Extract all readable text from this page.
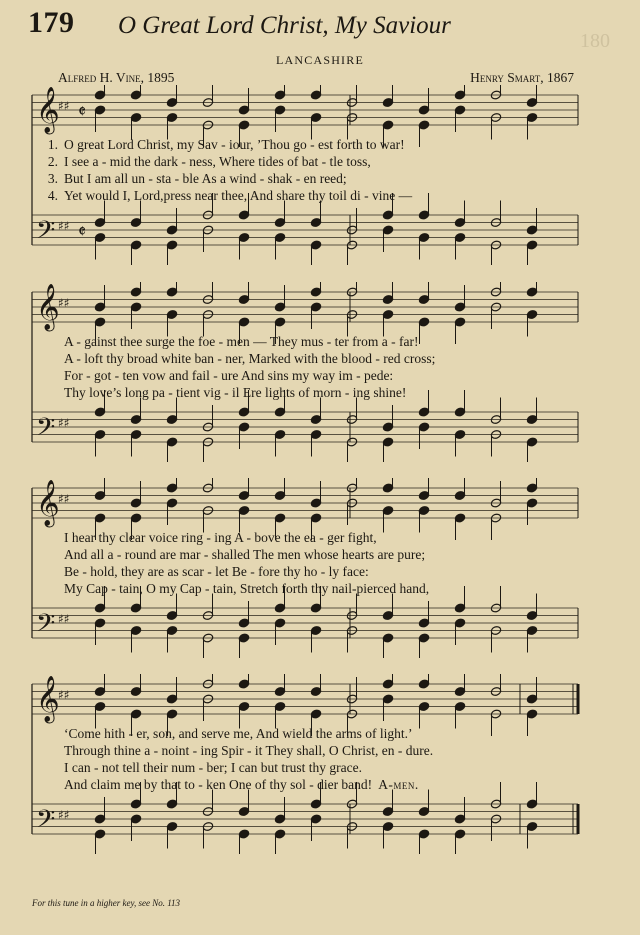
180
179 O Great Lord Christ, My Saviour
LANCASHIRE
Alfred H. Vine, 1895	Henry Smart, 1867
𝄞
♯♯ 𝄵
𝄢 ♯♯ 𝄵
1. O great Lord Christ, my Sav - iour, ’Thou go - est forth to war!
2. I see a - mid the dark - ness, Where tides of bat - tle toss,
3. But I am all un - sta - ble As a wind - shak - en reed;
4. Yet would I, Lord,press near thee, And share thy toil di - vine —
𝄞
♯♯
𝄢 ♯♯
A - gainst thee surge the foe - men — They mus - ter from a - far!
A - loft thy broad white ban - ner, Marked with the blood - red cross;
For - got - ten vow and fail - ure And sins my way im - pede:
Thy love’s long pa - tient vig - il Ere lights of morn - ing shine!
𝄞
♯♯
𝄢 ♯♯
I hear thy clear voice ring - ing A - bove the ea - ger fight,
And all a - round are mar - shalled The men whose hearts are pure;
Be - hold, they are as scar - let Be - fore thy ho - ly face:
My Cap - tain, O my Cap - tain, Stretch forth thy nail-pierced hand,
𝄞
♯♯
𝄢 ♯♯
‘Come hith - er, son, and serve me, And wield the arms of light.’
Through thine a - noint - ing Spir - it They shall, O Christ, en - dure.
I can - not tell their num - ber; I can but trust thy grace.
And claim me by that to - ken One of thy sol - dier band! A-men.
For this tune in a higher key, see No. 113
